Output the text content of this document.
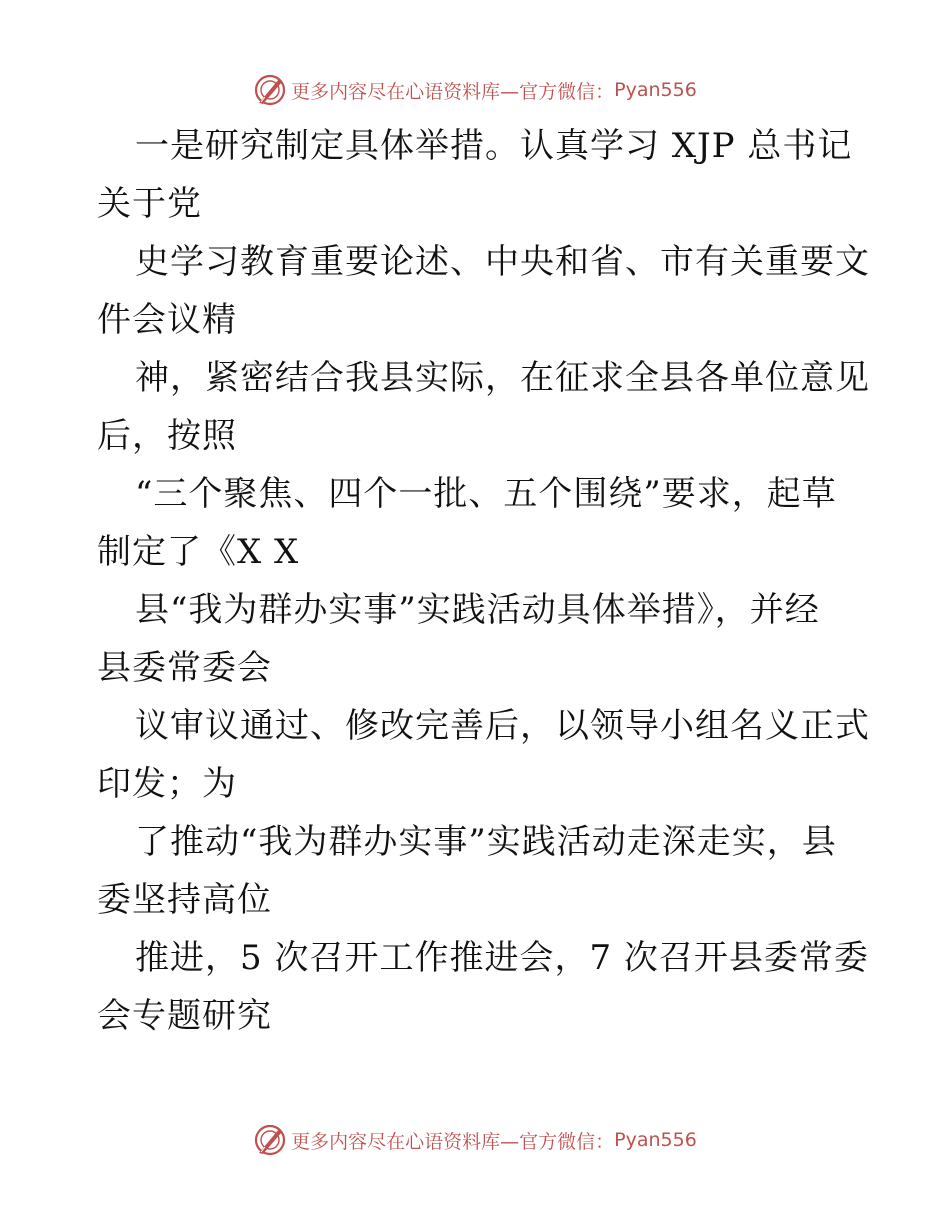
更多内容尽在心语资料库—官方微信： Pyan556
一是研究制定具体举措。认真学习 XJP 总书记
关于党
史学习教育重要论述、中央和省、市有关重要文
件会议精
神，紧密结合我县实际，在征求全县各单位意见
后，按照
“三个聚焦、四个一批、五个围绕”要求，起草
制定了《X X
县“我为群办实事”实践活动具体举措》，并经
县委常委会
议审议通过、修改完善后，以领导小组名义正式
印发；为
了推动“我为群办实事”实践活动走深走实，县
委坚持高位
推进，5 次召开工作推进会，7 次召开县委常委
会专题研究
更多内容尽在心语资料库—官方微信： Pyan556
